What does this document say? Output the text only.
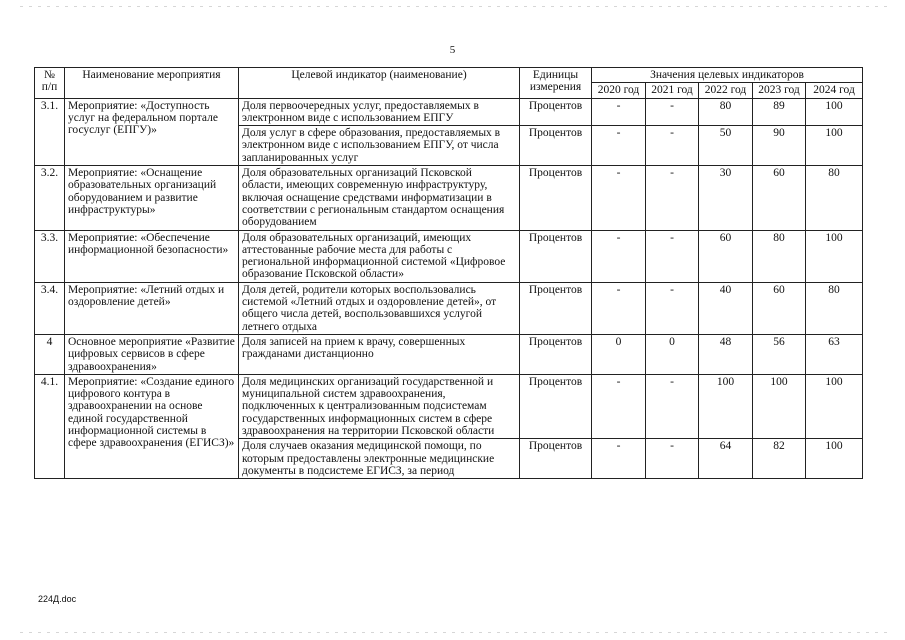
5
№ п/п	Наименование мероприятия	Целевой индикатор (наименование)	Единицы измерения	Значения целевых индикаторов				
				2020 год	2021 год	2022 год	2023 год	2024 год
3.1.	Мероприятие: «Доступность услуг на федеральном портале госуслуг (ЕПГУ)»	Доля первоочередных услуг, предоставляемых в электронном виде с использованием ЕПГУ	Процентов	-	-	80	89	100
		Доля услуг в сфере образования, предоставляемых в электронном виде с использованием ЕПГУ, от числа запланированных услуг	Процентов	-	-	50	90	100
3.2.	Мероприятие: «Оснащение образовательных организаций оборудованием и развитие инфраструктуры»	Доля образовательных организаций Псковской области, имеющих современную инфраструктуру, включая оснащение средствами информатизации в соответствии с региональным стандартом оснащения оборудованием	Процентов	-	-	30	60	80
3.3.	Мероприятие: «Обеспечение информационной безопасности»	Доля образовательных организаций, имеющих аттестованные рабочие места для работы с региональной информационной системой «Цифровое образование Псковской области»	Процентов	-	-	60	80	100
3.4.	Мероприятие: «Летний отдых и оздоровление детей»	Доля детей, родители которых воспользовались системой «Летний отдых и оздоровление детей», от общего числа детей, воспользовавшихся услугой летнего отдыха	Процентов	-	-	40	60	80
4	Основное мероприятие «Развитие цифровых сервисов в сфере здравоохранения»	Доля записей на прием к врачу, совершенных гражданами дистанционно	Процентов	0	0	48	56	63
4.1.	Мероприятие: «Создание единого цифрового контура в здравоохранении на основе единой государственной информационной системы в сфере здравоохранения (ЕГИСЗ)»	Доля медицинских организаций государственной и муниципальной систем здравоохранения, подключенных к централизованным подсистемам государственных информационных систем в сфере здравоохранения на территории Псковской области	Процентов	-	-	100	100	100
		Доля случаев оказания медицинской помощи, по которым предоставлены электронные медицинские документы в подсистеме ЕГИСЗ, за период	Процентов	-	-	64	82	100
224Д.doc
